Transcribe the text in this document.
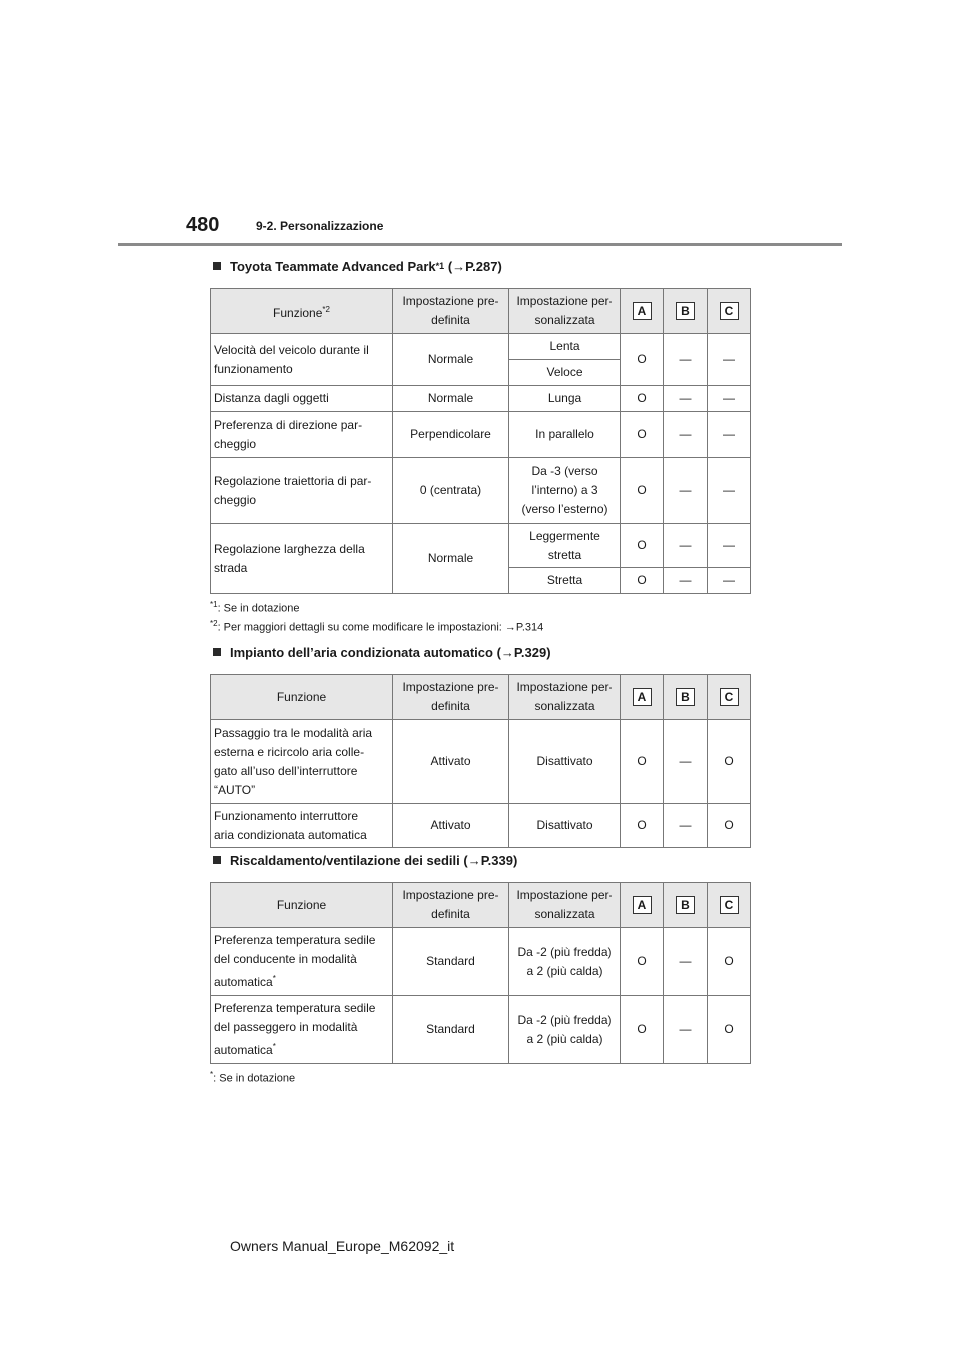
480	9-2. Personalizzazione
Toyota Teammate Advanced Park *1
(→P.287)
Funzione$^{*2}$	Impostazione pre-
definita	Impostazione per-
sonalizzata	A	B	C
Velocità del veicolo durante il funzionamento	Normale	Lenta	O	—	—
		Veloce			
Distanza dagli oggetti	Normale	Lunga	O	—	—
Preferenza di direzione par-
cheggio	Perpendicolare	In parallelo	O	—	—
Regolazione traiettoria di par-
cheggio	0 (centrata)	Da -3 (verso
l’interno) a 3
(verso l’esterno)	O	—	—
Regolazione larghezza della
strada	Normale	Leggermente
stretta	O	—	—
		Stretta	O	—	—
$^{*1}$: Se in dotazione
$^{*2}$: Per maggiori dettagli su come modificare le impostazioni: →P.314
Impianto dell’aria condizionata automatico
(→P.329)
Funzione	Impostazione pre-
definita	Impostazione per-
sonalizzata	A	B	C
Passaggio tra le modalità aria
esterna e ricircolo aria colle-
gato all’uso dell’interruttore
“AUTO”	Attivato	Disattivato	O	—	O
Funzionamento interruttore
aria condizionata automatica	Attivato	Disattivato	O	—	O
Riscaldamento/ventilazione dei sedili
(→P.339)
Funzione	Impostazione pre-
definita	Impostazione per-
sonalizzata	A	B	C
Preferenza temperatura sedile
del conducente in modalità
automatica*	Standard	Da -2 (più fredda)
a 2 (più calda)	O	—	O
Preferenza temperatura sedile
del passeggero in modalità
automatica*	Standard	Da -2 (più fredda)
a 2 (più calda)	O	—	O
*: Se in dotazione
Owners Manual_Europe_M62092_it
